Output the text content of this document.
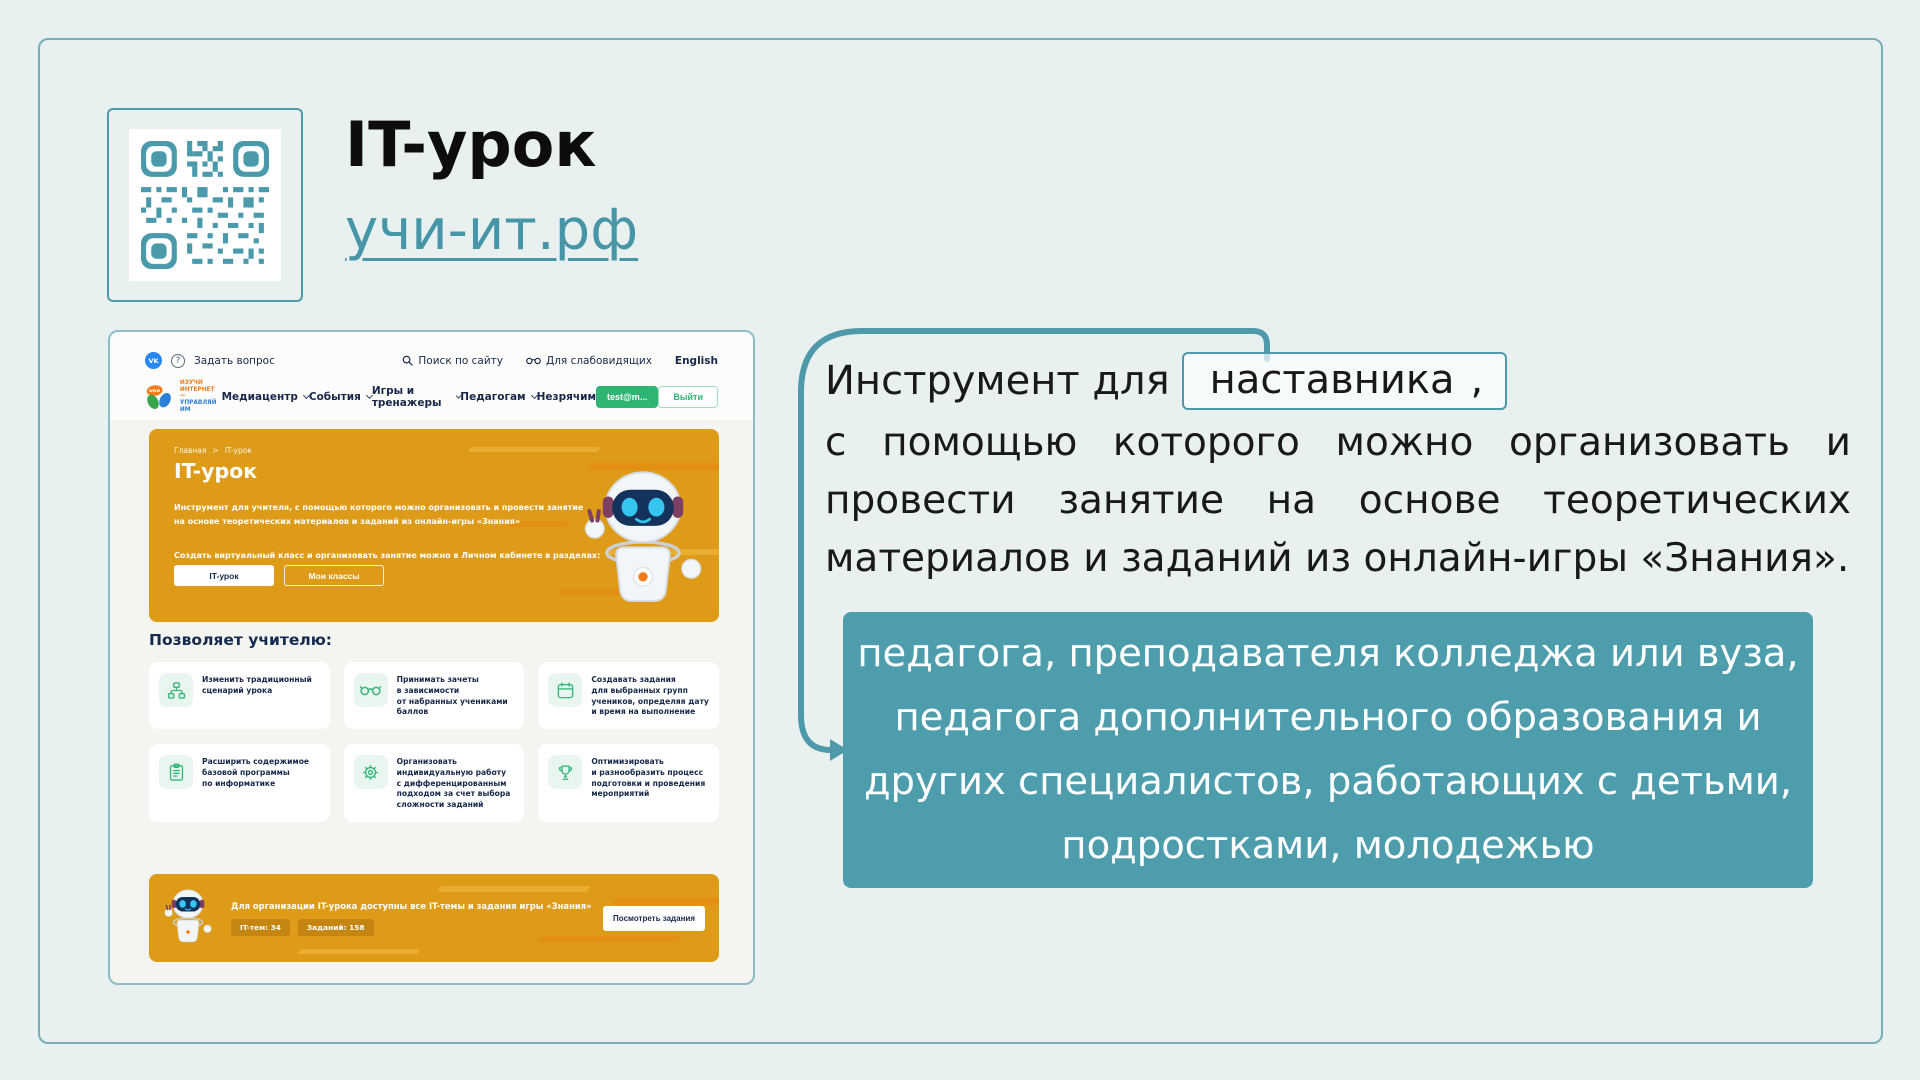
IT-урок
учи-ит.рф
VK	?	Задать вопрос	Поиск по сайту	Для слабовидящих English
www
ИЗУЧИ
ИНТЕРНЕТ —
УПРАВЛЯЙ ИМ
Медиацентр События Игры и тренажеры	Педагогам Незрячим	test@m...	Выйти
Главная > IT-урок
IT-урок
Инструмент для учителя, с помощью которого можно организовать и провести занятие
на основе теоретических материалов и заданий из онлайн-игры «Знания»
Создать виртуальный класс и организовать занятие можно в Личном кабинете в разделах:
IT-урок	Мои классы
Позволяет учителю:
Изменить традиционный
сценарий урока
Принимать зачеты
в зависимости
от набранных учениками
баллов
Создавать задания
для выбранных групп
учеников, определяя дату
и время на выполнение
Расширить содержимое
базовой программы
по информатике
Организовать
индивидуальную работу
с дифференцированным
подходом за счет выбора
сложности заданий
Оптимизировать
и разнообразить процесс
подготовки и проведения
мероприятий
Для организации IT-урока доступны все IT-темы и задания игры «Знания»
IT-тем: 34	Заданий: 158
Посмотреть задания
Инструмент для наставника ,
с помощью которого можно организовать и
провести занятие на основе теоретических
материалов и заданий из онлайн-игры «Знания».
педагога, преподавателя колледжа или вуза,
педагога дополнительного образования и
других специалистов, работающих с детьми,
подростками, молодежью
